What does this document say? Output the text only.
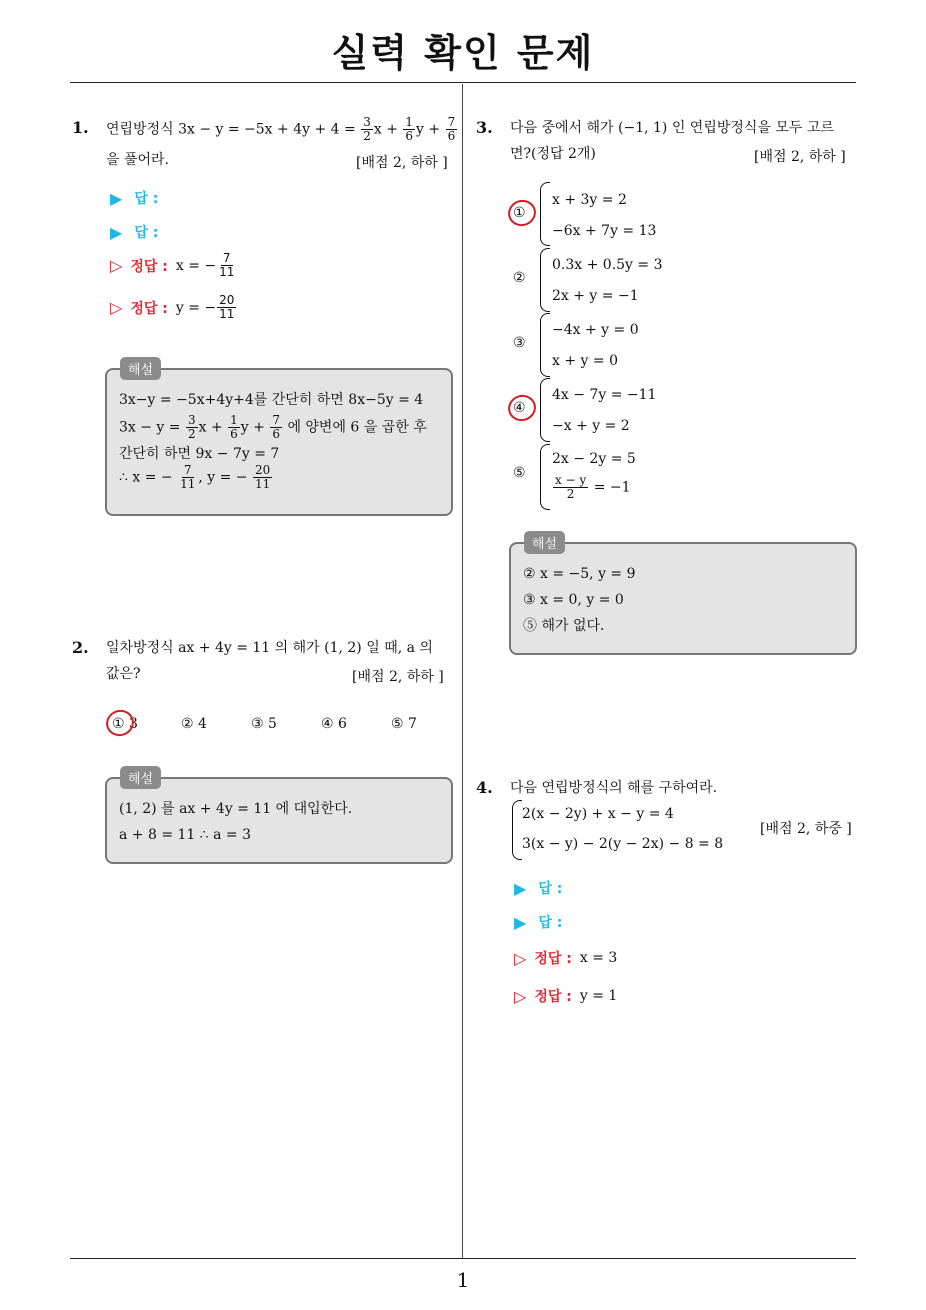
실력 확인 문제
1
1. 연립방정식 $3x - y = -5x + 4y + 4 = \frac{3}{2}$ $x + \frac{1}{6}$ $y + \frac{7}{6}$
을 풀어라.	[배점 2, 하하 ]
▶ 답 :
▶ 답 :
▷ 정답 : x = − $\frac{7}{11}$
▷ 정답 : y = − $\frac{20}{11}$
3x−y = −5x+4y+4를 간단히 하면 8x−5y = 4
$3x - y = \frac{3}{2}$ $x + \frac{1}{6}$ $y + \frac{7}{6}$ 에 양변에 6 을 곱한 후
간단히 하면 9x − 7y = 7
∴ x = − $\frac{7}{11}$ , y = − $\frac{20}{11}$
해설
2. 일차방정식 ax + 4y = 11 의 해가 (1, 2) 일 때, a 의
값은?	[배점 2, 하하 ]
① 3	② 4	③ 5	④ 6	⑤ 7
(1, 2) 를 ax + 4y = 11 에 대입한다.
a + 8 = 11 ∴ a = 3
해설
3. 다음 중에서 해가 (−1, 1) 인 연립방정식을 모두 고르
면?(정답 2개)	[배점 2, 하하 ]
①
x + 3y = 2
−6x + 7y = 13
②
0.3x + 0.5y = 3
2x + y = −1
③
−4x + y = 0
x + y = 0
④
4x − 7y = −11
−x + y = 2
⑤
2x − 2y = 5
$\frac{x - y}{2} = -1$
② x = −5, y = 9
③ x = 0, y = 0
⑤ 해가 없다.
해설
4. 다음 연립방정식의 해를 구하여라.
2(x − 2y) + x − y = 4
3(x − y) − 2(y − 2x) − 8 = 8
[배점 2, 하중 ]
▶ 답 :
▶ 답 :
▷ 정답 : x = 3
▷ 정답 : y = 1
